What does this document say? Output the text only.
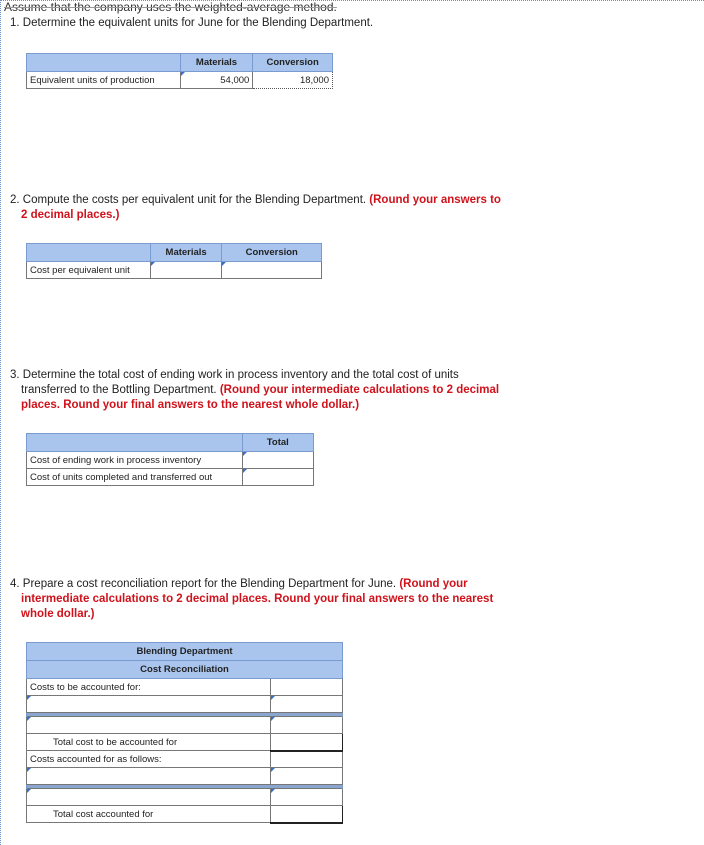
Assume that the company uses the weighted-average method.
1. Determine the equivalent units for June for the Blending Department.
	Materials	Conversion
Equivalent units of production	54,000	18,000
2. Compute the costs per equivalent unit for the Blending Department. (Round your answers to 2 decimal places.)
	Materials	Conversion
Cost per equivalent unit	

3. Determine the total cost of ending work in process inventory and the total cost of units transferred to the Bottling Department. (Round your intermediate calculations to 2 decimal places. Round your final answers to the nearest whole dollar.)
	Total
Cost of ending work in process inventory	

Cost of units completed and transferred out	
4. Prepare a cost reconciliation report for the Blending Department for June. (Round your intermediate calculations to 2 decimal places. Round your final answers to the nearest whole dollar.)
Blending Department	
Cost Reconciliation	
Costs to be accounted for:	

Total cost to be accounted for	
Costs accounted for as follows:	

Total cost accounted for	
